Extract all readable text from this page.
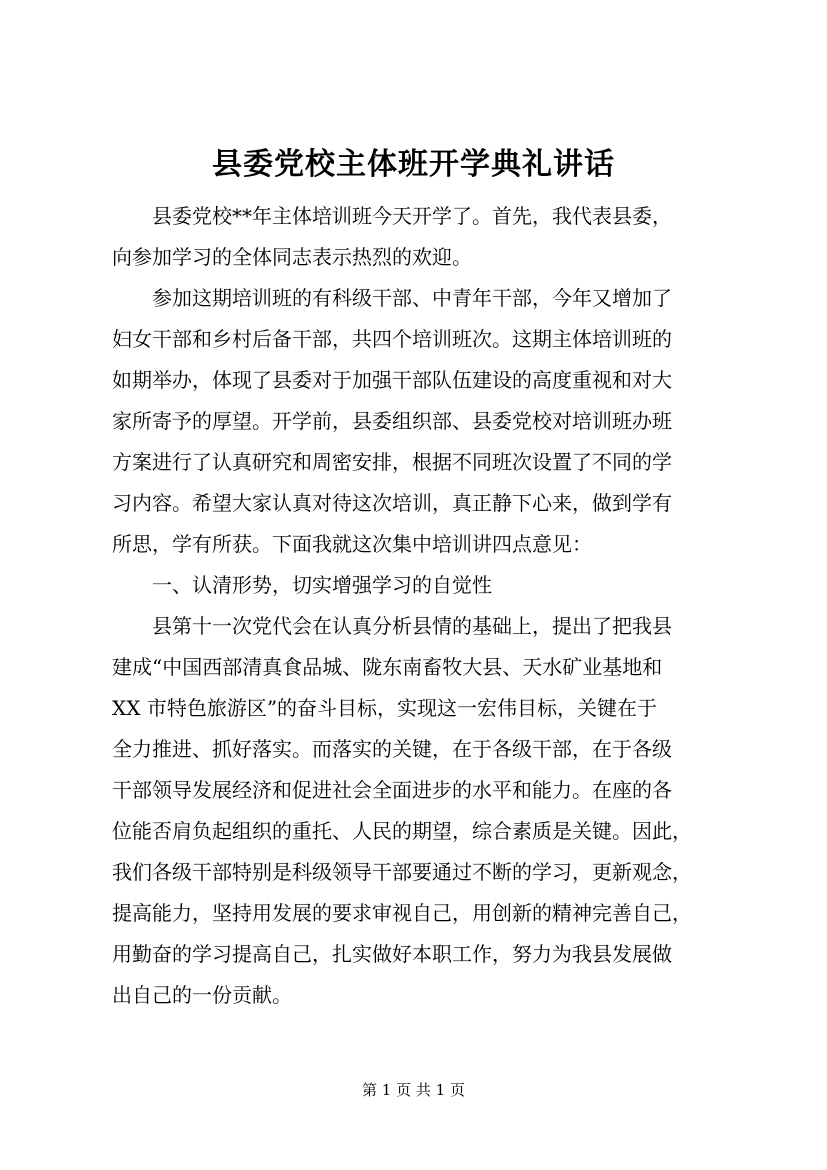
县委党校主体班开学典礼讲话
县委党校**年主体培训班今天开学了。首先，我代表县委，
向参加学习的全体同志表示热烈的欢迎。
参加这期培训班的有科级干部、中青年干部，今年又增加了
妇女干部和乡村后备干部，共四个培训班次。这期主体培训班的
如期举办，体现了县委对于加强干部队伍建设的高度重视和对大
家所寄予的厚望。开学前，县委组织部、县委党校对培训班办班
方案进行了认真研究和周密安排，根据不同班次设置了不同的学
习内容。希望大家认真对待这次培训，真正静下心来，做到学有
所思，学有所获。下面我就这次集中培训讲四点意见：
一、认清形势，切实增强学习的自觉性
县第十一次党代会在认真分析县情的基础上，提出了把我县
建成“中国西部清真食品城、陇东南畜牧大县、天水矿业基地和
XX 市特色旅游区”的奋斗目标，实现这一宏伟目标，关键在于
全力推进、抓好落实。而落实的关键，在于各级干部，在于各级
干部领导发展经济和促进社会全面进步的水平和能力。在座的各
位能否肩负起组织的重托、人民的期望，综合素质是关键。因此，
我们各级干部特别是科级领导干部要通过不断的学习，更新观念，
提高能力，坚持用发展的要求审视自己，用创新的精神完善自己，
用勤奋的学习提高自己，扎实做好本职工作，努力为我县发展做
出自己的一份贡献。
第 1 页 共 1 页
